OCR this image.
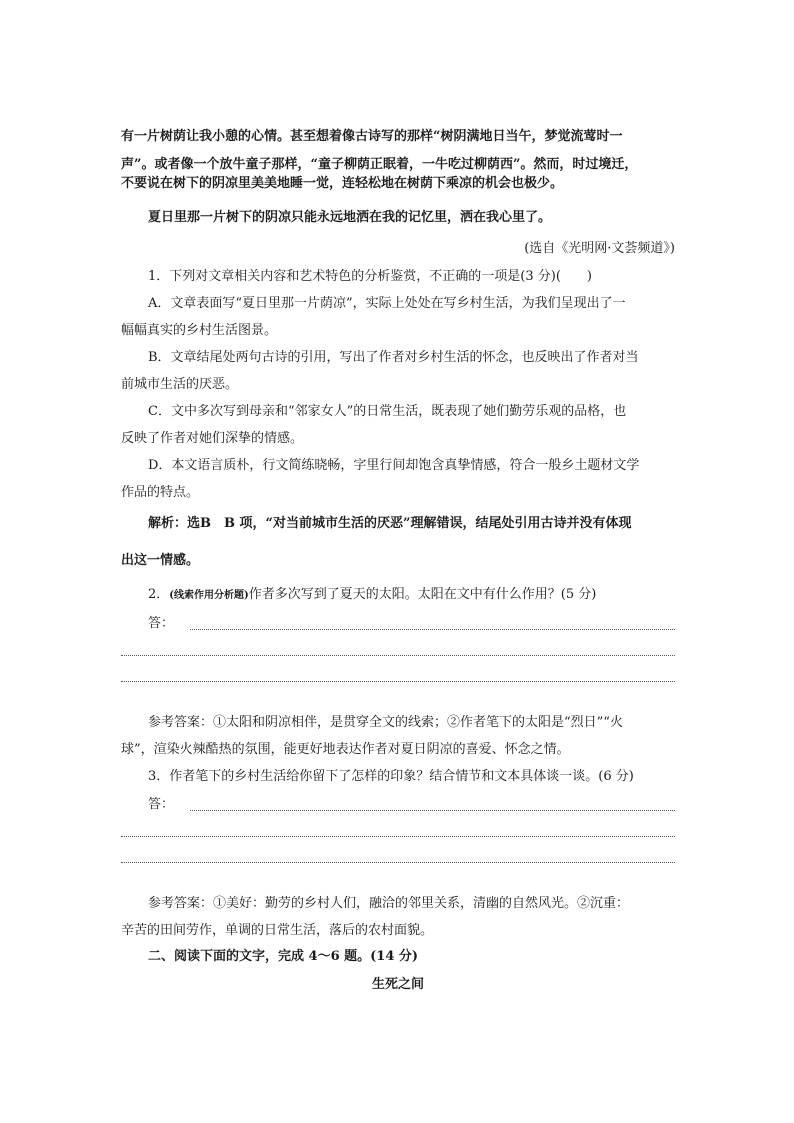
有一片树荫让我小憩的心情。甚至想着像古诗写的那样“树阴满地日当午，梦觉流莺时一
声”。或者像一个放牛童子那样，“童子柳荫正眠着，一牛吃过柳荫西”。然而，时过境迁，
不要说在树下的阴凉里美美地睡一觉，连轻松地在树荫下乘凉的机会也极少。
夏日里那一片树下的阴凉只能永远地洒在我的记忆里，洒在我心里了。
(选自《光明网·文荟频道》)
1．下列对文章相关内容和艺术特色的分析鉴赏，不正确的一项是(3 分)(　　)
A．文章表面写“夏日里那一片荫凉”，实际上处处在写乡村生活，为我们呈现出了一
幅幅真实的乡村生活图景。
B．文章结尾处两句古诗的引用，写出了作者对乡村生活的怀念，也反映出了作者对当
前城市生活的厌恶。
C．文中多次写到母亲和“邻家女人”的日常生活，既表现了她们勤劳乐观的品格，也
反映了作者对她们深挚的情感。
D．本文语言质朴，行文简练晓畅，字里行间却饱含真挚情感，符合一般乡土题材文学
作品的特点。
解析：选B　B 项，“对当前城市生活的厌恶”理解错误，结尾处引用古诗并没有体现
出这一情感。
2．(线索作用分析题)作者多次写到了夏天的太阳。太阳在文中有什么作用？(5 分)
答：
参考答案：①太阳和阴凉相伴，是贯穿全文的线索；②作者笔下的太阳是“烈日”“火
球”，渲染火辣酷热的氛围，能更好地表达作者对夏日阴凉的喜爱、怀念之情。
3．作者笔下的乡村生活给你留下了怎样的印象？结合情节和文本具体谈一谈。(6 分)
答：
参考答案：①美好：勤劳的乡村人们，融洽的邻里关系，清幽的自然风光。②沉重：
辛苦的田间劳作，单调的日常生活，落后的农村面貌。
二、阅读下面的文字，完成 4～6 题。(14 分)
生死之间
